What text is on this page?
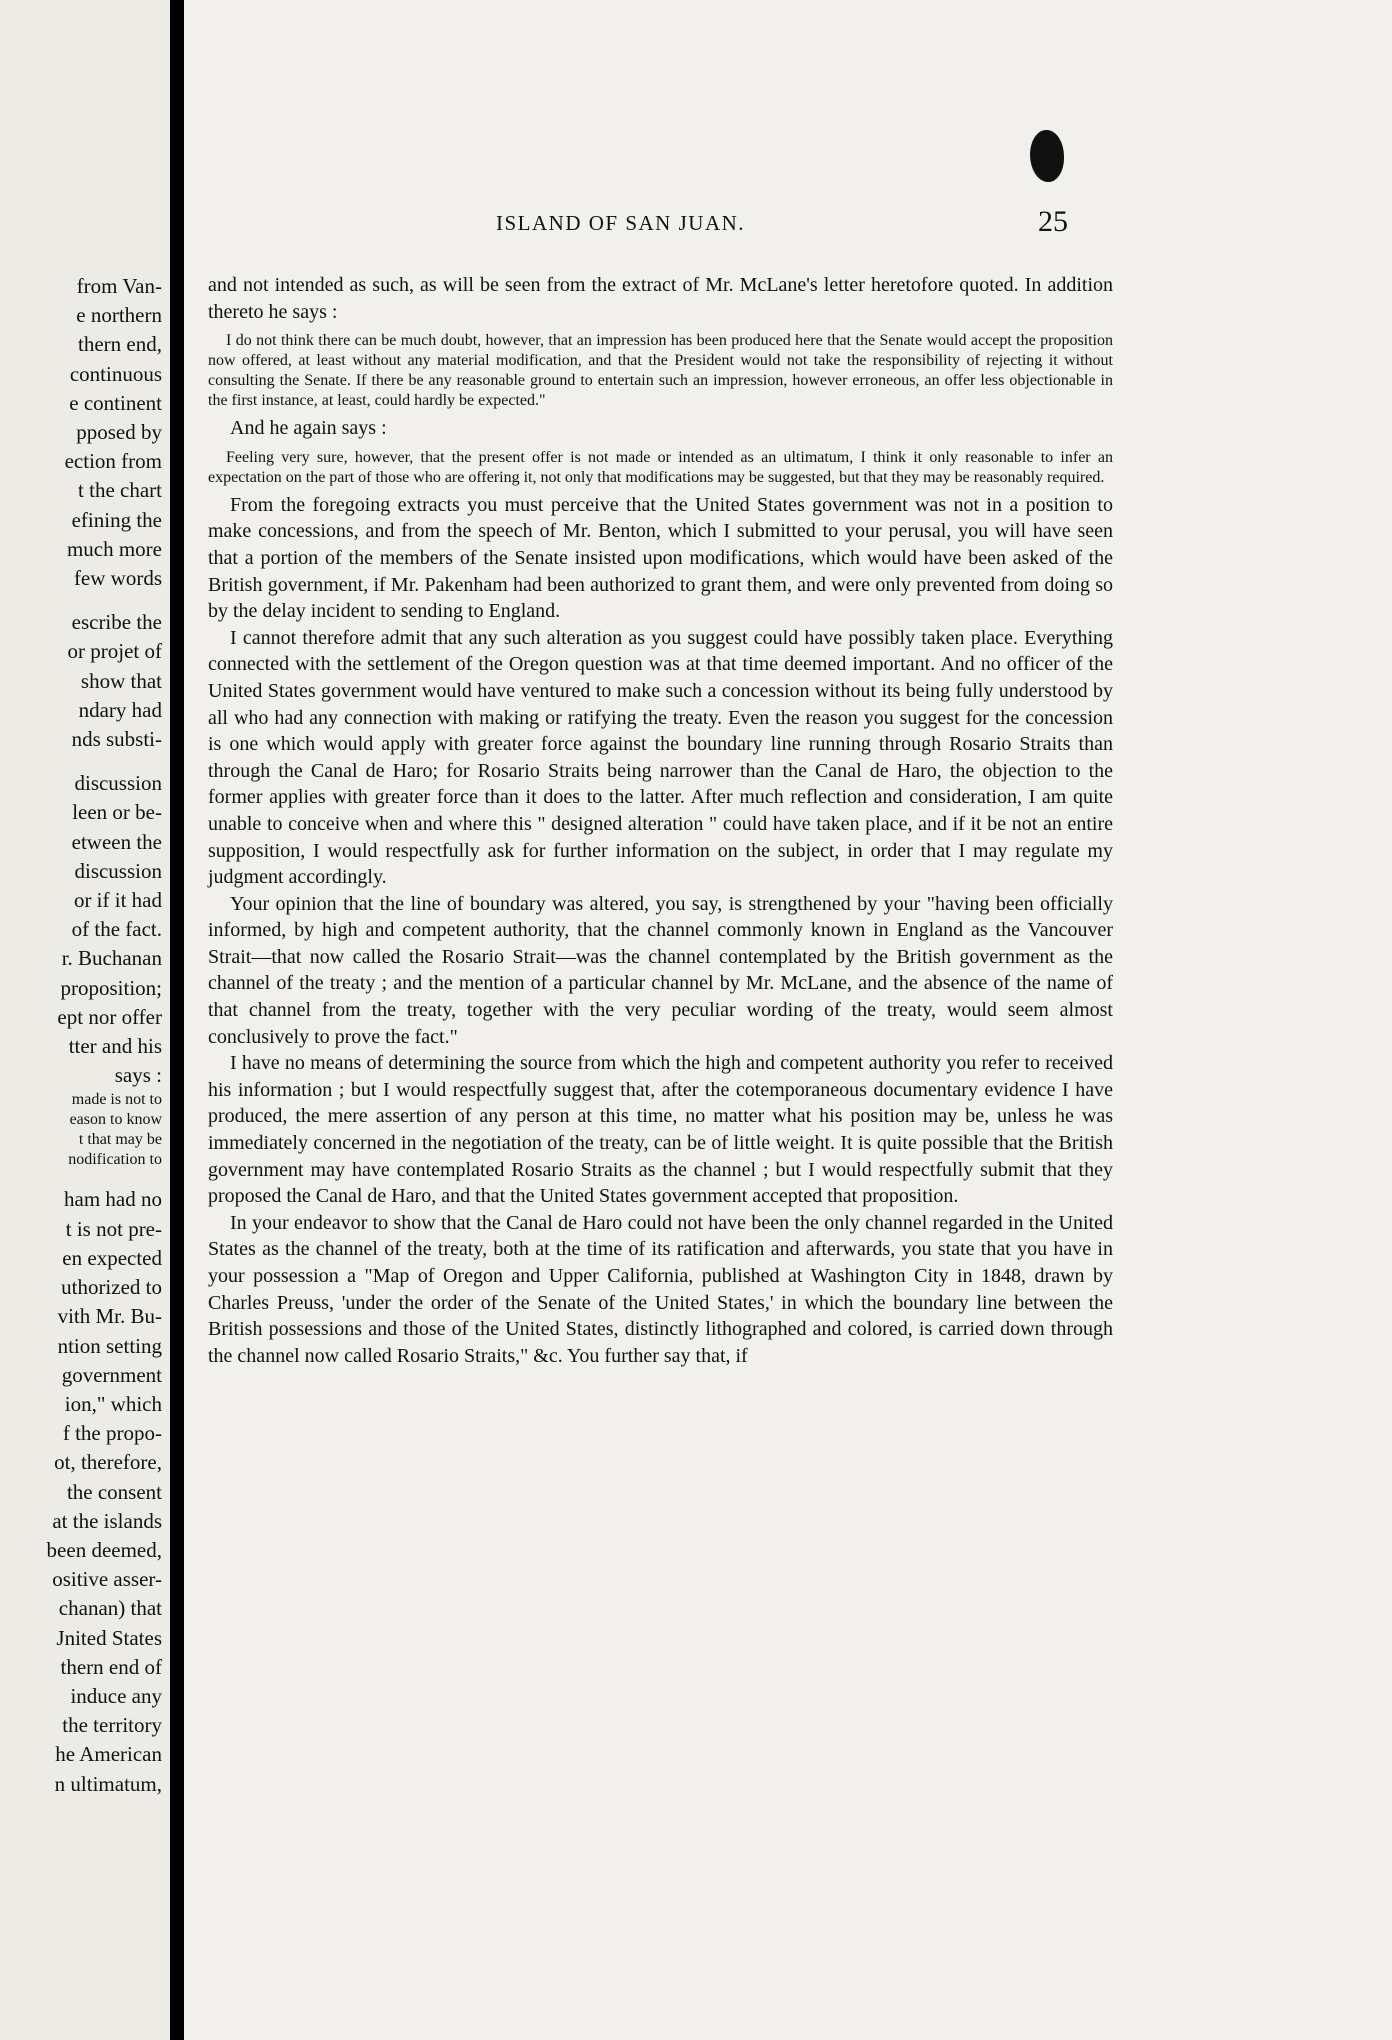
from Van-
e northern
thern end,
continuous
e continent
pposed by
ection from
t the chart
efining the
much more
few words
escribe the
or projet of
show that
ndary had
nds substi-
discussion
leen or be-
etween the
discussion
or if it had
of the fact.
r. Buchanan
proposition;
ept nor offer
tter and his
says :
made is not to
eason to know
t that may be
nodification to
ham had no
t is not pre-
en expected
uthorized to
vith Mr. Bu-
ntion setting
government
ion," which
f the propo-
ot, therefore,
the consent
at the islands
been deemed,
ositive asser-
chanan) that
Jnited States
thern end of
induce any
the territory
he American
n ultimatum,
ISLAND OF SAN JUAN.	25

and not intended as such, as will be seen from the extract of Mr. McLane's letter heretofore quoted. In addition thereto he says :

I do not think there can be much doubt, however, that an impression has been produced here that the Senate would accept the proposition now offered, at least without any material modification, and that the President would not take the responsibility of rejecting it without consulting the Senate. If there be any reasonable ground to entertain such an impression, however erroneous, an offer less objectionable in the first instance, at least, could hardly be expected."

And he again says :

Feeling very sure, however, that the present offer is not made or intended as an ultimatum, I think it only reasonable to infer an expectation on the part of those who are offering it, not only that modifications may be suggested, but that they may be reasonably required.

From the foregoing extracts you must perceive that the United States government was not in a position to make concessions, and from the speech of Mr. Benton, which I submitted to your perusal, you will have seen that a portion of the members of the Senate insisted upon modifications, which would have been asked of the British government, if Mr. Pakenham had been authorized to grant them, and were only prevented from doing so by the delay incident to sending to England.

I cannot therefore admit that any such alteration as you suggest could have possibly taken place. Everything connected with the settlement of the Oregon question was at that time deemed important. And no officer of the United States government would have ventured to make such a concession without its being fully understood by all who had any connection with making or ratifying the treaty. Even the reason you suggest for the concession is one which would apply with greater force against the boundary line running through Rosario Straits than through the Canal de Haro; for Rosario Straits being narrower than the Canal de Haro, the objection to the former applies with greater force than it does to the latter. After much reflection and consideration, I am quite unable to conceive when and where this " designed alteration " could have taken place, and if it be not an entire supposition, I would respectfully ask for further information on the subject, in order that I may regulate my judgment accordingly.

Your opinion that the line of boundary was altered, you say, is strengthened by your "having been officially informed, by high and competent authority, that the channel commonly known in England as the Vancouver Strait—that now called the Rosario Strait—was the channel contemplated by the British government as the channel of the treaty ; and the mention of a particular channel by Mr. McLane, and the absence of the name of that channel from the treaty, together with the very peculiar wording of the treaty, would seem almost conclusively to prove the fact."

I have no means of determining the source from which the high and competent authority you refer to received his information ; but I would respectfully suggest that, after the cotemporaneous documentary evidence I have produced, the mere assertion of any person at this time, no matter what his position may be, unless he was immediately concerned in the negotiation of the treaty, can be of little weight. It is quite possible that the British government may have contemplated Rosario Straits as the channel ; but I would respectfully submit that they proposed the Canal de Haro, and that the United States government accepted that proposition.

In your endeavor to show that the Canal de Haro could not have been the only channel regarded in the United States as the channel of the treaty, both at the time of its ratification and afterwards, you state that you have in your possession a "Map of Oregon and Upper California, published at Washington City in 1848, drawn by Charles Preuss, 'under the order of the Senate of the United States,' in which the boundary line between the British possessions and those of the United States, distinctly lithographed and colored, is carried down through the channel now called Rosario Straits," &c. You further say that, if
